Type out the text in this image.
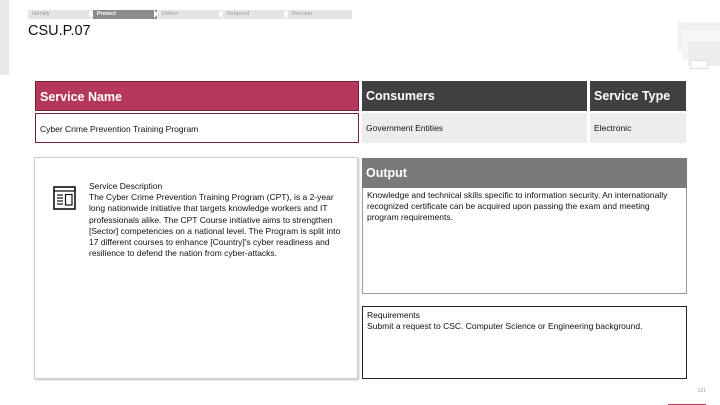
Identify	Protect	Detect	Respond	Recover
CSU.P.07
Service Name	Consumers	Service Type
Cyber Crime Prevention Training Program	Government Entities	Electronic
Service Description
The Cyber Crime Prevention Training Program (CPT), is a 2-year long nationwide initiative that targets knowledge workers and IT professionals alike. The CPT Course initiative aims to strengthen [Sector] competencies on a national level. The Program is split into 17 different courses to enhance [Country]'s cyber readiness and resilience to defend the nation from cyber-attacks.
Output
Knowledge and technical skills specific to information security. An internationally recognized certificate can be acquired upon passing the exam and meeting program requirements.
Requirements
Submit a request to CSC. Computer Science or Engineering background.
121
